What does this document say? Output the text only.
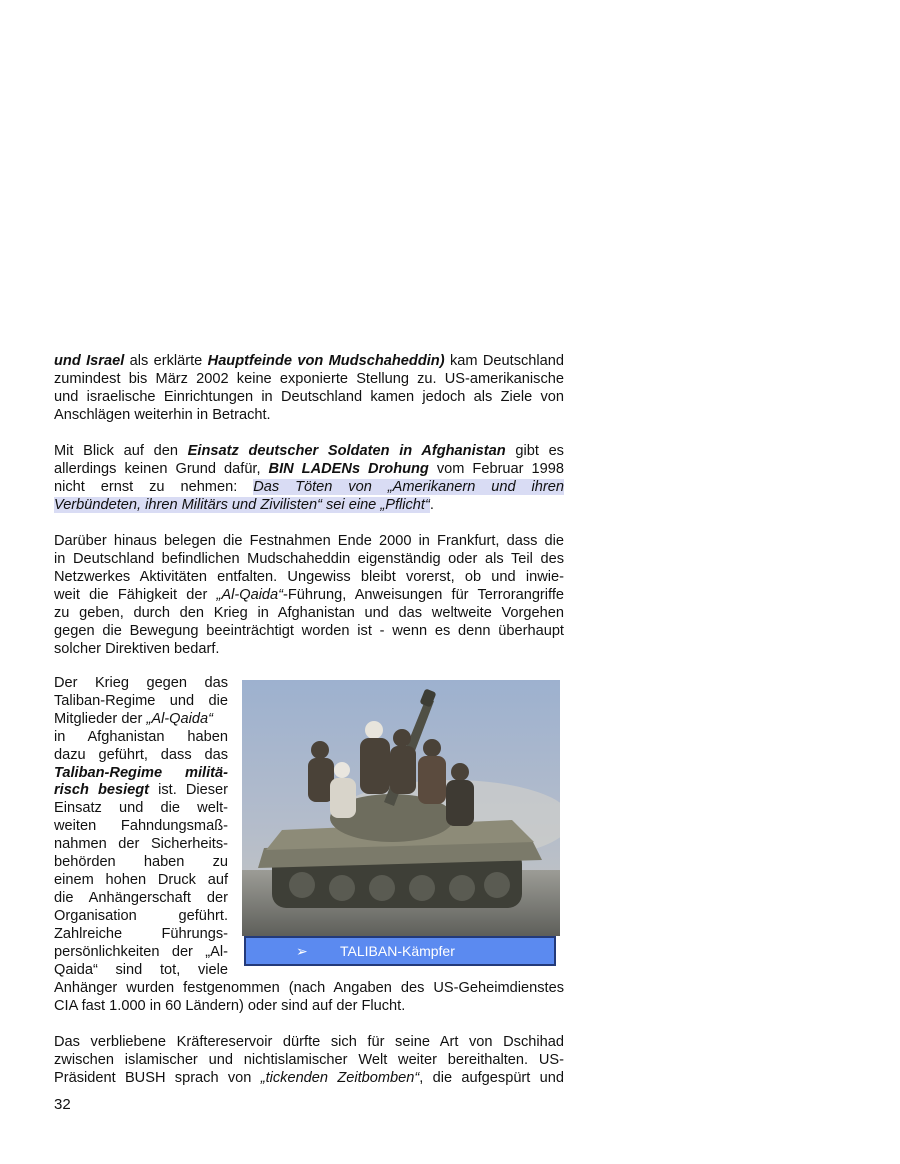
und Israel als erklärte Hauptfeinde von Mudschaheddin) kam Deutschland
zumindest bis März 2002 keine exponierte Stellung zu. US-amerikanische
und israelische Einrichtungen in Deutschland kamen jedoch als Ziele von
Anschlägen weiterhin in Betracht.
Mit Blick auf den Einsatz deutscher Soldaten in Afghanistan gibt es
allerdings keinen Grund dafür, BIN LADENs Drohung vom Februar 1998
nicht ernst zu nehmen: Das Töten von „Amerikanern und ihren
Verbündeten, ihren Militärs und Zivilisten“ sei eine „Pflicht“.
Darüber hinaus belegen die Festnahmen Ende 2000 in Frankfurt, dass die
in Deutschland befindlichen Mudschaheddin eigenständig oder als Teil des
Netzwerkes Aktivitäten entfalten. Ungewiss bleibt vorerst, ob und inwie-
weit die Fähigkeit der „Al-Qaida“-Führung, Anweisungen für Terrorangriffe
zu geben, durch den Krieg in Afghanistan und das weltweite Vorgehen
gegen die Bewegung beeinträchtigt worden ist - wenn es denn überhaupt
solcher Direktiven bedarf.
Der Krieg gegen das
Taliban-Regime und die
Mitglieder der „Al-Qaida“
in Afghanistan haben
dazu geführt, dass das
Taliban-Regime militä-
risch besiegt ist. Dieser
Einsatz und die welt-
weiten Fahndungsmaß-
nahmen der Sicherheits-
behörden haben zu
einem hohen Druck auf
die Anhängerschaft der
Organisation geführt.
Zahlreiche Führungs-
persönlichkeiten der „Al-
Qaida“ sind tot, viele
Anhänger wurden festgenommen (nach Angaben des US-Geheimdienstes
CIA fast 1.000 in 60 Ländern) oder sind auf der Flucht.
➢ TALIBAN-Kämpfer
Das verbliebene Kräftereservoir dürfte sich für seine Art von Dschihad
zwischen islamischer und nichtislamischer Welt weiter bereithalten. US-
Präsident BUSH sprach von „tickenden Zeitbomben“, die aufgespürt und
32
